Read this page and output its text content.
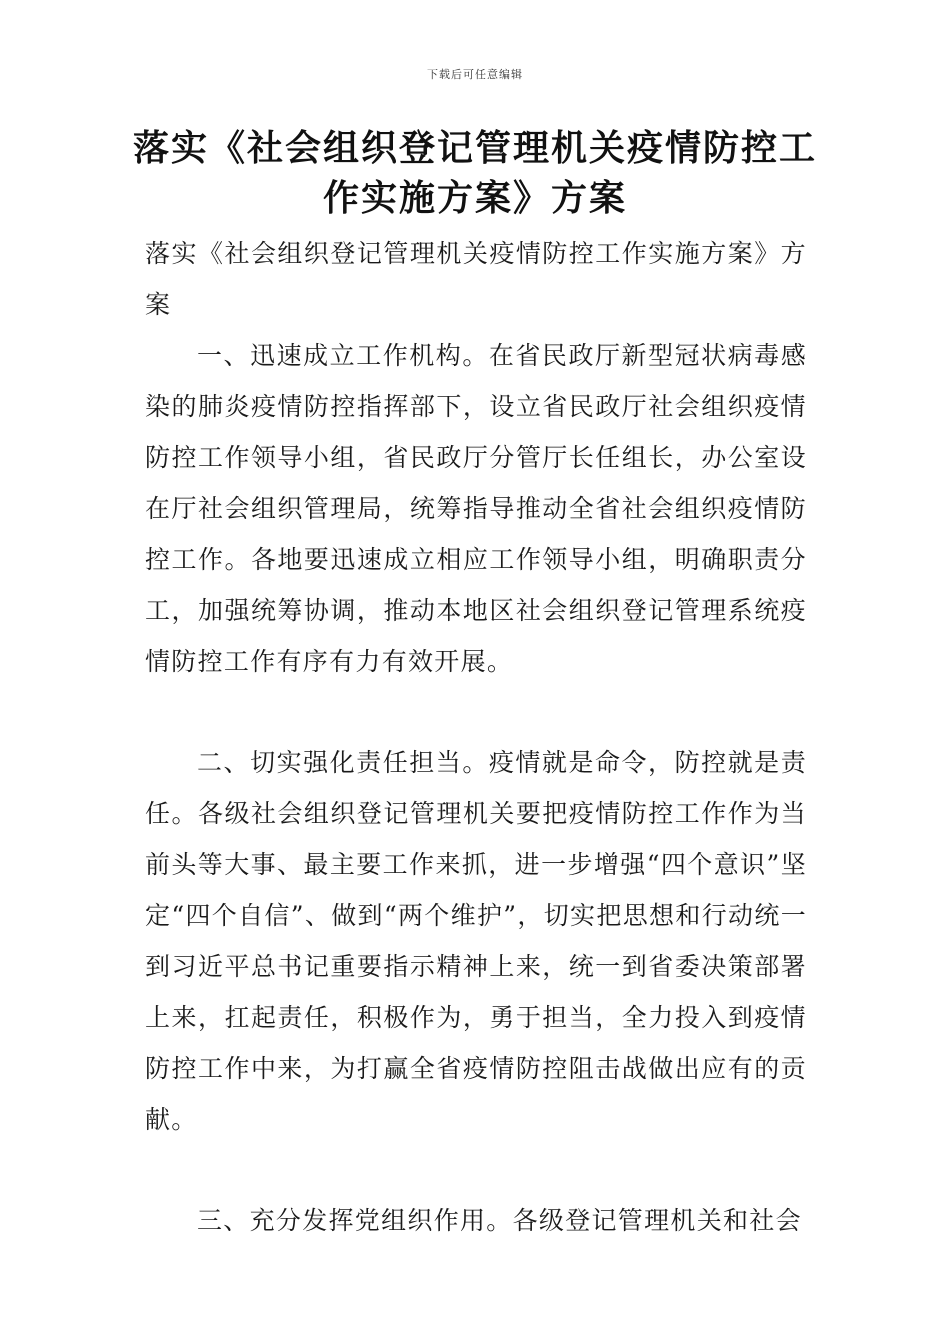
下载后可任意编辑
落实《社会组织登记管理机关疫情防控工作实施方案》方案

落实《社会组织登记管理机关疫情防控工作实施方案》方案

一、迅速成立工作机构。在省民政厅新型冠状病毒感染的肺炎疫情防控指挥部下，设立省民政厅社会组织疫情防控工作领导小组，省民政厅分管厅长任组长，办公室设在厅社会组织管理局，统筹指导推动全省社会组织疫情防控工作。各地要迅速成立相应工作领导小组，明确职责分工，加强统筹协调，推动本地区社会组织登记管理系统疫情防控工作有序有力有效开展。

二、切实强化责任担当。疫情就是命令，防控就是责任。各级社会组织登记管理机关要把疫情防控工作作为当前头等大事、最主要工作来抓，进一步增强“四个意识”坚定“四个自信”、做到“两个维护”，切实把思想和行动统一到习近平总书记重要指示精神上来，统一到省委决策部署上来，扛起责任，积极作为，勇于担当，全力投入到疫情防控工作中来，为打赢全省疫情防控阻击战做出应有的贡献。

三、充分发挥党组织作用。各级登记管理机关和社会
